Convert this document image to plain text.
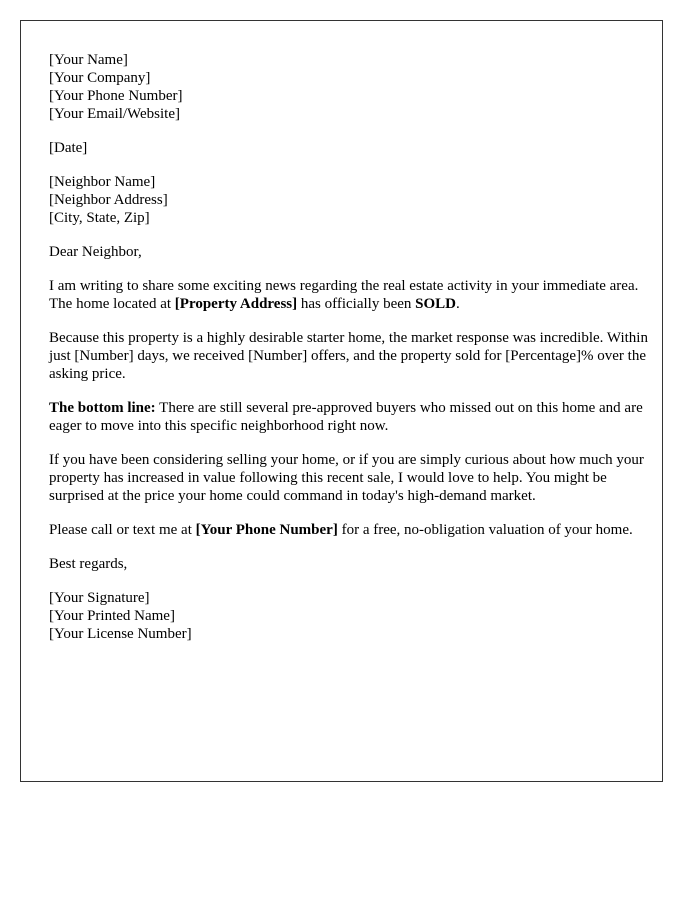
[Your Name]
[Your Company]
[Your Phone Number]
[Your Email/Website]

[Date]

[Neighbor Name]
[Neighbor Address]
[City, State, Zip]

Dear Neighbor,

I am writing to share some exciting news regarding the real estate activity in your immediate area. The home located at [Property Address] has officially been SOLD.

Because this property is a highly desirable starter home, the market response was incredible. Within just [Number] days, we received [Number] offers, and the property sold for [Percentage]% over the asking price.

The bottom line: There are still several pre-approved buyers who missed out on this home and are eager to move into this specific neighborhood right now.

If you have been considering selling your home, or if you are simply curious about how much your property has increased in value following this recent sale, I would love to help. You might be surprised at the price your home could command in today's high-demand market.

Please call or text me at [Your Phone Number] for a free, no-obligation valuation of your home.

Best regards,

[Your Signature]
[Your Printed Name]
[Your License Number]
